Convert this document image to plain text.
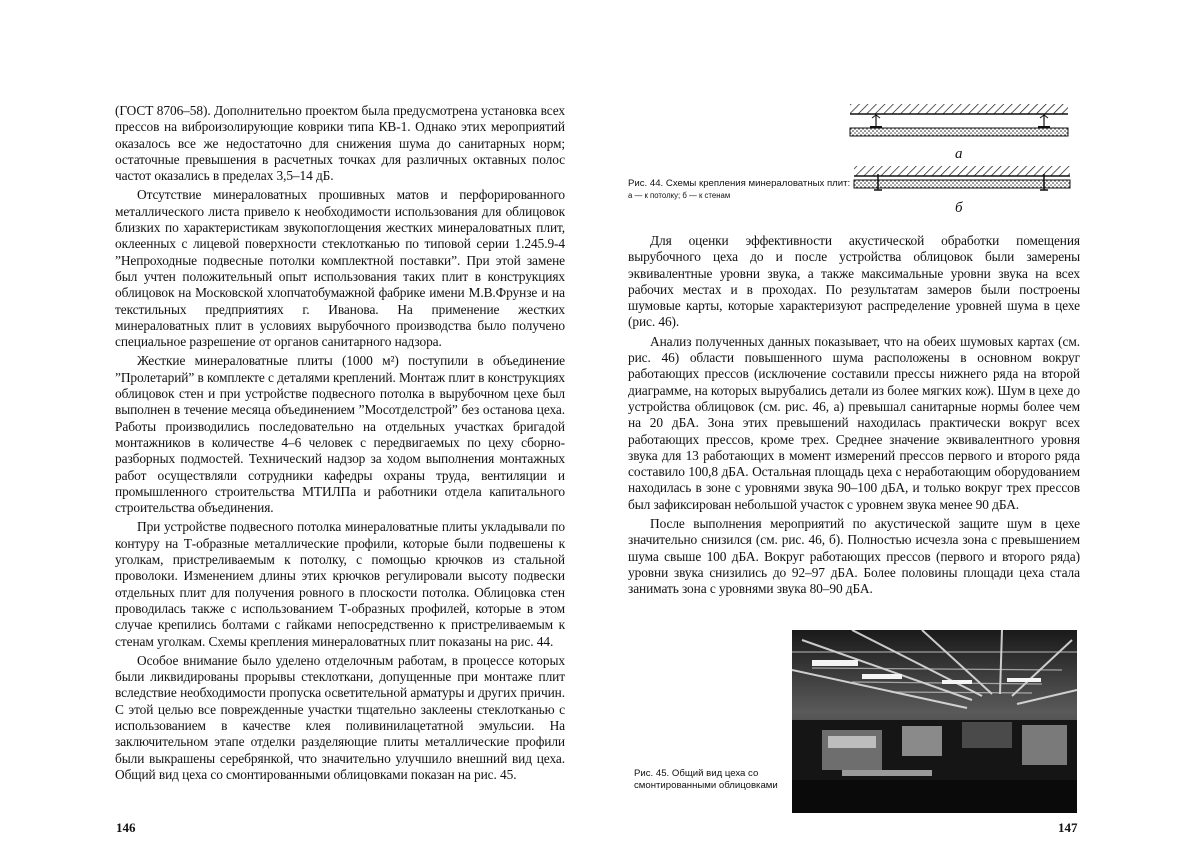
(ГОСТ 8706–58). Дополнительно проектом была предусмотрена установка всех прессов на виброизолирующие коврики типа КВ-1. Однако этих мероприятий оказалось все же недостаточно для снижения шума до санитарных норм; остаточные превышения в расчетных точках для различных октавных полос частот оказались в пределах 3,5–14 дБ.

Отсутствие минераловатных прошивных матов и перфорированного металлического листа привело к необходимости использования для облицовок близких по характеристикам звукопоглощения жестких минераловатных плит, оклеенных с лицевой поверхности стеклотканью по типовой серии 1.245.9-4 ”Непроходные подвесные потолки комплектной поставки”. При этой замене был учтен положительный опыт использования таких плит в конструкциях облицовок на Московской хлопчатобумажной фабрике имени М.В.Фрунзе и на текстильных предприятиях г. Иванова. На применение жестких минераловатных плит в условиях вырубочного производства было получено специальное разрешение от органов санитарного надзора.

Жесткие минераловатные плиты (1000 м²) поступили в объединение ”Пролетарий” в комплекте с деталями креплений. Монтаж плит в конструкциях облицовок стен и при устройстве подвесного потолка в вырубочном цехе был выполнен в течение месяца объединением ”Мосотделстрой” без останова цеха. Работы производились последовательно на отдельных участках бригадой монтажников в количестве 4–6 человек с передвигаемых по цеху сборно-разборных подмостей. Технический надзор за ходом выполнения монтажных работ осуществляли сотрудники кафедры охраны труда, вентиляции и промышленного строительства МТИЛПа и работники отдела капитального строительства объединения.

При устройстве подвесного потолка минераловатные плиты укладывали по контуру на Т-образные металлические профили, которые были подвешены к уголкам, пристреливаемым к потолку, с помощью крючков из стальной проволоки. Изменением длины этих крючков регулировали высоту подвески отдельных плит для получения ровного в плоскости потолка. Облицовка стен проводилась также с использованием Т-образных профилей, которые в этом случае крепились болтами с гайками непосредственно к пристреливаемым к стенам уголкам. Схемы крепления минераловатных плит показаны на рис. 44.

Особое внимание было уделено отделочным работам, в процессе которых были ликвидированы прорывы стеклоткани, допущенные при монтаже плит вследствие необходимости пропуска осветительной арматуры и других причин. С этой целью все поврежденные участки тщательно заклеены стеклотканью с использованием в качестве клея поливинилацетатной эмульсии. На заключительном этапе отделки разделяющие плиты металлические профили были выкрашены серебрянкой, что значительно улучшило внешний вид цеха. Общий вид цеха со смонтированными облицовками показан на рис. 45.

146
а
б

Рис. 44. Схемы крепления минераловатных плит:

а — к потолку; б — к стенам

Для оценки эффективности акустической обработки помещения вырубочного цеха до и после устройства облицовок были замерены эквивалентные уровни звука, а также максимальные уровни звука на всех рабочих местах и в проходах. По результатам замеров были построены шумовые карты, которые характеризуют распределение уровней шума в цехе (рис. 46).

Анализ полученных данных показывает, что на обеих шумовых картах (см. рис. 46) области повышенного шума расположены в основном вокруг работающих прессов (исключение составили прессы нижнего ряда на второй диаграмме, на которых вырубались детали из более мягких кож). Шум в цехе до устройства облицовок (см. рис. 46, а) превышал санитарные нормы более чем на 20 дБА. Зона этих превышений находилась практически вокруг всех работающих прессов, кроме трех. Среднее значение эквивалентного уровня звука для 13 работающих в момент измерений прессов первого и второго ряда составило 100,8 дБА. Остальная площадь цеха с неработающим оборудованием находилась в зоне с уровнями звука 90–100 дБА, и только вокруг трех прессов был зафиксирован небольшой участок с уровнем звука менее 90 дБА.

После выполнения мероприятий по акустической защите шум в цехе значительно снизился (см. рис. 46, б). Полностью исчезла зона с превышением шума свыше 100 дБА. Вокруг работающих прессов (первого и второго ряда) уровни звука снизились до 92–97 дБА. Более половины площади цеха стала занимать зона с уровнями звука 80–90 дБА.

Рис. 45. Общий вид цеха со смонтированными облицовками

147
